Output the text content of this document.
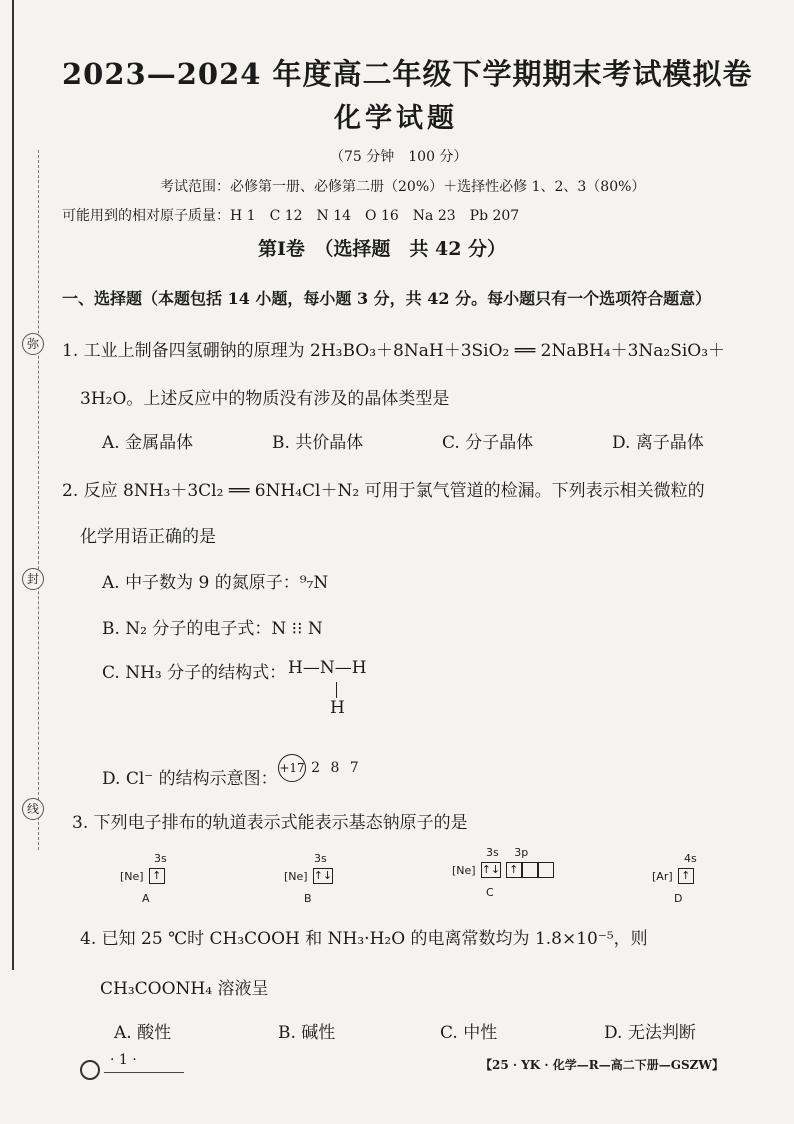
弥
封
线
2023—2024 年度高二年级下学期期末考试模拟卷
化学试题
（75 分钟　100 分）
考试范围：必修第一册、必修第二册（20%）＋选择性必修 1、2、3（80%）
可能用到的相对原子质量：H 1　C 12　N 14　O 16　Na 23　Pb 207
第Ⅰ卷　（选择题　共 42 分）
一、选择题（本题包括 14 小题，每小题 3 分，共 42 分。每小题只有一个选项符合题意）
1. 工业上制备四氢硼钠的原理为 2H₃BO₃＋8NaH＋3SiO₂ ══ 2NaBH₄＋3Na₂SiO₃＋
3H₂O。上述反应中的物质没有涉及的晶体类型是
A. 金属晶体	B. 共价晶体	C. 分子晶体	D. 离子晶体
2. 反应 8NH₃＋3Cl₂ ══ 6NH₄Cl＋N₂ 可用于氯气管道的检漏。下列表示相关微粒的
化学用语正确的是
A. 中子数为 9 的氮原子：⁹₇N
B. N₂ 分子的电子式：N ⁝⁝ N
C. NH₃ 分子的结构式： H—N—H
H
D. Cl⁻ 的结构示意图：
+17 2 8 7
3. 下列电子排布的轨道表示式能表示基态钠原子的是
3s
[Ne] ↑
A
3s
[Ne] ↑↓
B
3s 3p
[Ne] ↑↓ ↑
C
4s
[Ar] ↑
D
4. 已知 25 ℃时 CH₃COOH 和 NH₃·H₂O 的电离常数均为 1.8×10⁻⁵，则
CH₃COONH₄ 溶液呈
A. 酸性	B. 碱性	C. 中性	D. 无法判断
· 1 ·	【25 · YK · 化学—R—高二下册—GSZW】
